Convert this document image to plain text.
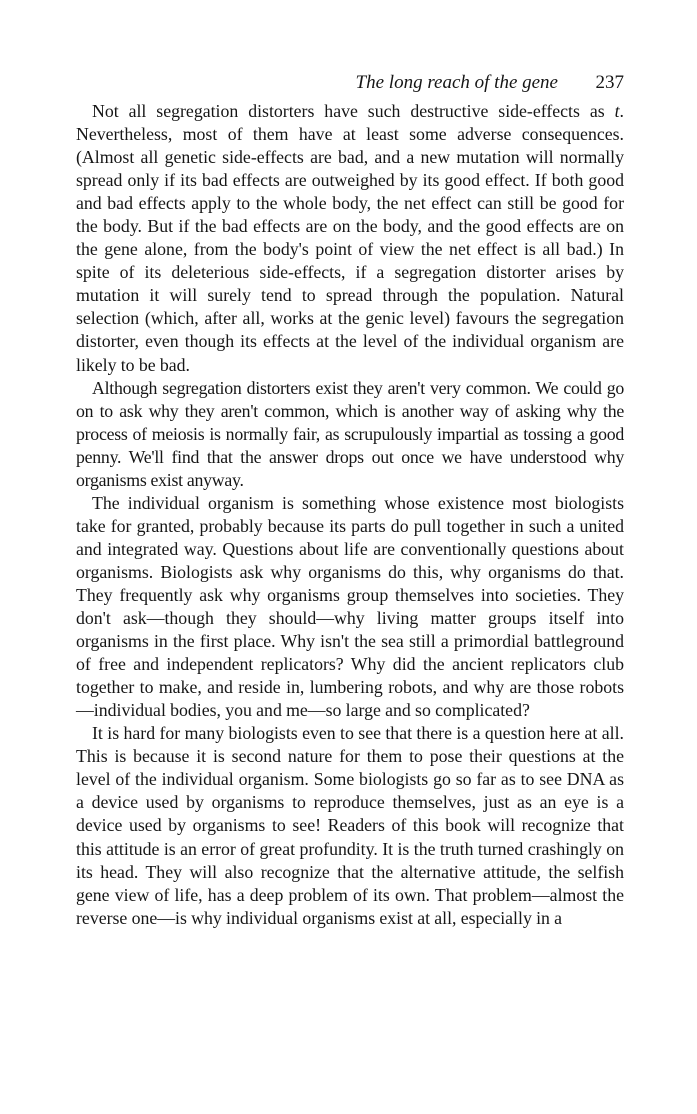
The long reach of the gene 237

Not all segregation distorters have such destructive side-effects as t. Nevertheless, most of them have at least some adverse consequences. (Almost all genetic side-effects are bad, and a new mutation will normally spread only if its bad effects are outweighed by its good effect. If both good and bad effects apply to the whole body, the net effect can still be good for the body. But if the bad effects are on the body, and the good effects are on the gene alone, from the body's point of view the net effect is all bad.) In spite of its deleterious side-effects, if a segregation distorter arises by mutation it will surely tend to spread through the population. Natural selection (which, after all, works at the genic level) favours the segregation distorter, even though its effects at the level of the individual organism are likely to be bad.

Although segregation distorters exist they aren't very common. We could go on to ask why they aren't common, which is another way of asking why the process of meiosis is normally fair, as scrupulously impartial as tossing a good penny. We'll find that the answer drops out once we have understood why organisms exist anyway.

The individual organism is something whose existence most biologists take for granted, probably because its parts do pull together in such a united and integrated way. Questions about life are conventionally questions about organisms. Biologists ask why organisms do this, why organisms do that. They frequently ask why organisms group themselves into societies. They don't ask—though they should—why living matter groups itself into organisms in the first place. Why isn't the sea still a primordial battleground of free and independent replicators? Why did the ancient replicators club together to make, and reside in, lumbering robots, and why are those robots—individual bodies, you and me—so large and so complicated?

It is hard for many biologists even to see that there is a question here at all. This is because it is second nature for them to pose their questions at the level of the individual organism. Some biologists go so far as to see DNA as a device used by organisms to reproduce themselves, just as an eye is a device used by organisms to see! Readers of this book will recognize that this attitude is an error of great profundity. It is the truth turned crashingly on its head. They will also recognize that the alternative attitude, the selfish gene view of life, has a deep problem of its own. That problem—almost the reverse one—is why individual organisms exist at all, especially in a
